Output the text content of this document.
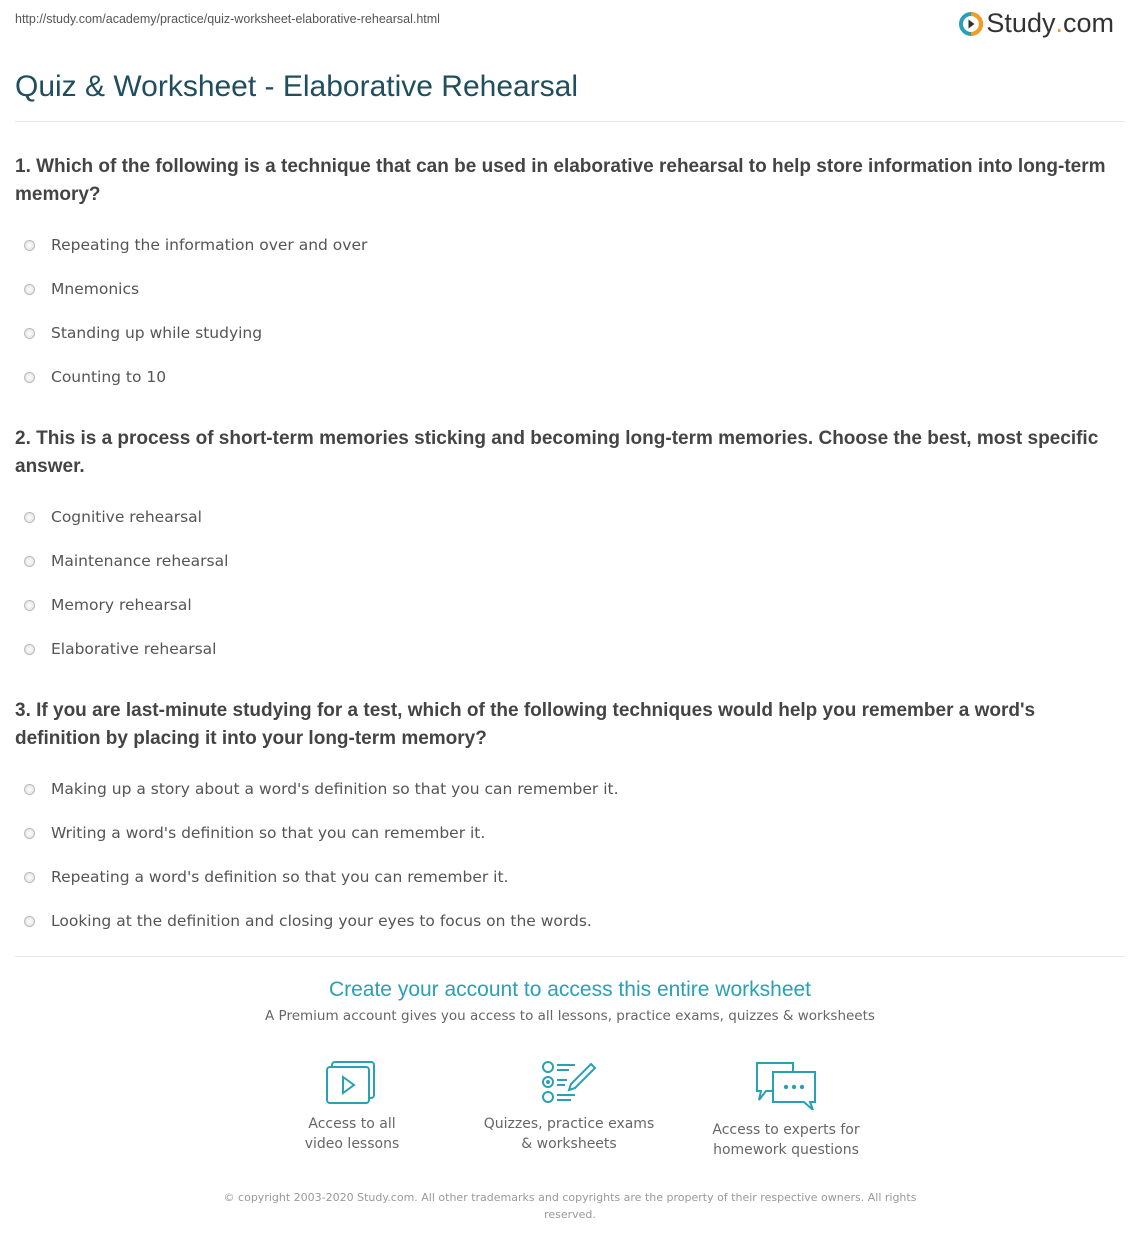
http://study.com/academy/practice/quiz-worksheet-elaborative-rehearsal.html	Study . com
Quiz & Worksheet - Elaborative Rehearsal
1. Which of the following is a technique that can be used in elaborative rehearsal to help store information into long-term memory?
Repeating the information over and over
Mnemonics
Standing up while studying
Counting to 10
2. This is a process of short-term memories sticking and becoming long-term memories. Choose the best, most specific answer.
Cognitive rehearsal
Maintenance rehearsal
Memory rehearsal
Elaborative rehearsal
3. If you are last-minute studying for a test, which of the following techniques would help you remember a word's definition by placing it into your long-term memory?
Making up a story about a word's definition so that you can remember it.
Writing a word's definition so that you can remember it.
Repeating a word's definition so that you can remember it.
Looking at the definition and closing your eyes to focus on the words.
Create your account to access this entire worksheet

A Premium account gives you access to all lessons, practice exams, quizzes & worksheets

Access to all
video lessons
Quizzes, practice exams
& worksheets
Access to experts for
homework questions
© copyright 2003-2020 Study.com. All other trademarks and copyrights are the property of their respective owners. All rights reserved.
